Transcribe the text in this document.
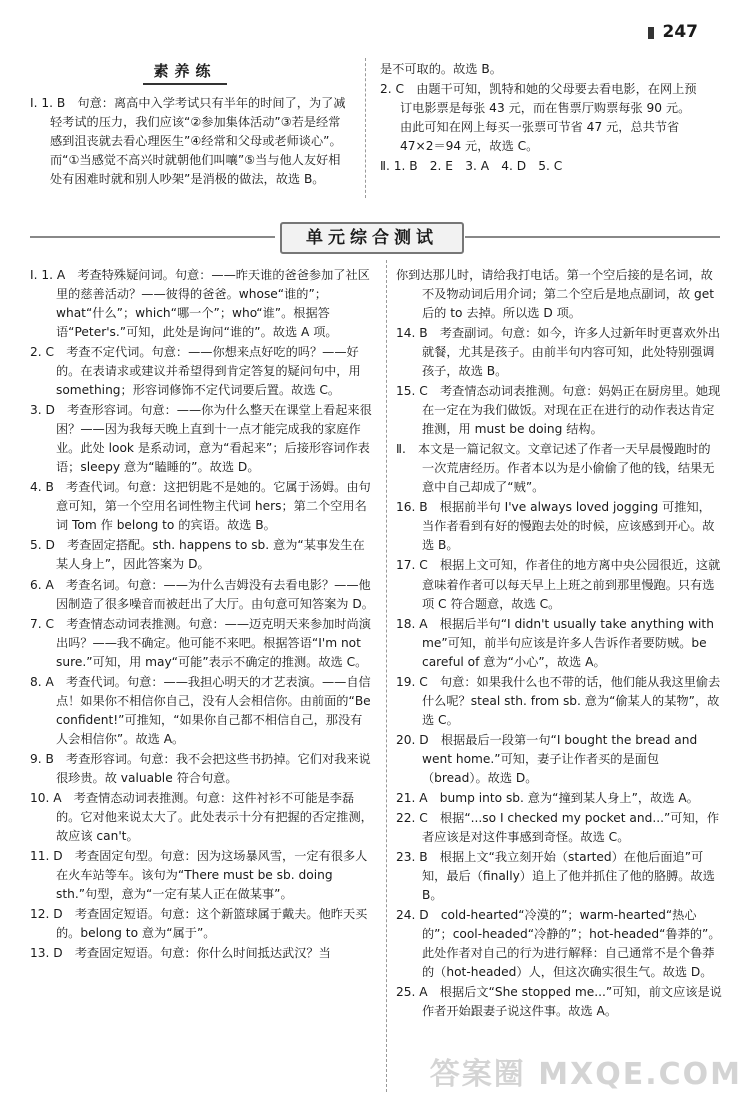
247
素养练

Ⅰ. 1. B　句意：离高中入学考试只有半年的时间了，为了减轻考试的压力，我们应该“②参加集体活动”③若是经常感到沮丧就去看心理医生”④经常和父母或老师谈心”。而“①当感觉不高兴时就朝他们叫嚷”⑤当与他人友好相处有困难时就和别人吵架”是消极的做法，故选 B。

是不可取的。故选 B。

2. C　由题干可知，凯特和她的父母要去看电影，在网上预订电影票是每张 43 元，而在售票厅购票每张 90 元。由此可知在网上每买一张票可节省 47 元，总共节省 47×2＝94 元，故选 C。

Ⅱ. 1. B　2. E　3. A　4. D　5. C

单元综合测试

Ⅰ. 1. A　考查特殊疑问词。句意：——昨天谁的爸爸参加了社区里的慈善活动？——彼得的爸爸。whose“谁的”；what“什么”；which“哪一个”；who“谁”。根据答语“Peter's.”可知，此处是询问“谁的”。故选 A 项。

2. C　考查不定代词。句意：——你想来点好吃的吗？——好的。在表请求或建议并希望得到肯定答复的疑问句中，用 something；形容词修饰不定代词要后置。故选 C。

3. D　考查形容词。句意：——你为什么整天在课堂上看起来很困？——因为我每天晚上直到十一点才能完成我的家庭作业。此处 look 是系动词，意为“看起来”；后接形容词作表语；sleepy 意为“瞌睡的”。故选 D。

4. B　考查代词。句意：这把钥匙不是她的。它属于汤姆。由句意可知，第一个空用名词性物主代词 hers；第二个空用名词 Tom 作 belong to 的宾语。故选 B。

5. D　考查固定搭配。sth. happens to sb. 意为“某事发生在某人身上”，因此答案为 D。

6. A　考查名词。句意：——为什么吉姆没有去看电影？——他因制造了很多噪音而被赶出了大厅。由句意可知答案为 D。

7. C　考查情态动词表推测。句意：——迈克明天来参加时尚演出吗？——我不确定。他可能不来吧。根据答语“I'm not sure.”可知，用 may“可能”表示不确定的推测。故选 C。

8. A　考查代词。句意：——我担心明天的才艺表演。——自信点！如果你不相信你自己，没有人会相信你。由前面的“Be confident!”可推知，“如果你自己都不相信自己，那没有人会相信你”。故选 A。

9. B　考查形容词。句意：我不会把这些书扔掉。它们对我来说很珍贵。故 valuable 符合句意。

10. A　考查情态动词表推测。句意：这件衬衫不可能是李磊的。它对他来说太大了。此处表示十分有把握的否定推测，故应该 can't。

11. D　考查固定句型。句意：因为这场暴风雪，一定有很多人在火车站等车。该句为“There must be sb. doing sth.”句型，意为“一定有某人正在做某事”。

12. D　考查固定短语。句意：这个新篮球属于戴夫。他昨天买的。belong to 意为“属于”。

13. D　考查固定短语。句意：你什么时间抵达武汉？当

你到达那儿时，请给我打电话。第一个空后接的是名词，故不及物动词后用介词；第二个空后是地点副词，故 get 后的 to 去掉。所以选 D 项。

14. B　考查副词。句意：如今，许多人过新年时更喜欢外出就餐，尤其是孩子。由前半句内容可知，此处特别强调孩子，故选 B。

15. C　考查情态动词表推测。句意：妈妈正在厨房里。她现在一定在为我们做饭。对现在正在进行的动作表达肯定推测，用 must be doing 结构。

Ⅱ.　本文是一篇记叙文。文章记述了作者一天早晨慢跑时的一次荒唐经历。作者本以为是小偷偷了他的钱，结果无意中自己却成了“贼”。

16. B　根据前半句 I've always loved jogging 可推知，当作者看到有好的慢跑去处的时候，应该感到开心。故选 B。

17. C　根据上文可知，作者住的地方离中央公园很近，这就意味着作者可以每天早上上班之前到那里慢跑。只有选项 C 符合题意，故选 C。

18. A　根据后半句“I didn't usually take anything with me”可知，前半句应该是许多人告诉作者要防贼。be careful of 意为“小心”，故选 A。

19. C　句意：如果我什么也不带的话，他们能从我这里偷去什么呢？steal sth. from sb. 意为“偷某人的某物”，故选 C。

20. D　根据最后一段第一句“I bought the bread and went home.”可知，妻子让作者买的是面包（bread）。故选 D。

21. A　bump into sb. 意为“撞到某人身上”，故选 A。

22. C　根据“...so I checked my pocket and...”可知，作者应该是对这件事感到奇怪。故选 C。

23. B　根据上文“我立刻开始（started）在他后面追”可知，最后（finally）追上了他并抓住了他的胳膊。故选 B。

24. D　cold-hearted“冷漠的”；warm-hearted“热心的”；cool-headed“冷静的”；hot-headed“鲁莽的”。此处作者对自己的行为进行解释：自己通常不是个鲁莽的（hot-headed）人，但这次确实很生气。故选 D。

25. A　根据后文“She stopped me...”可知，前文应该是说作者开始跟妻子说这件事。故选 A。

答案圈 MXQE.COM
